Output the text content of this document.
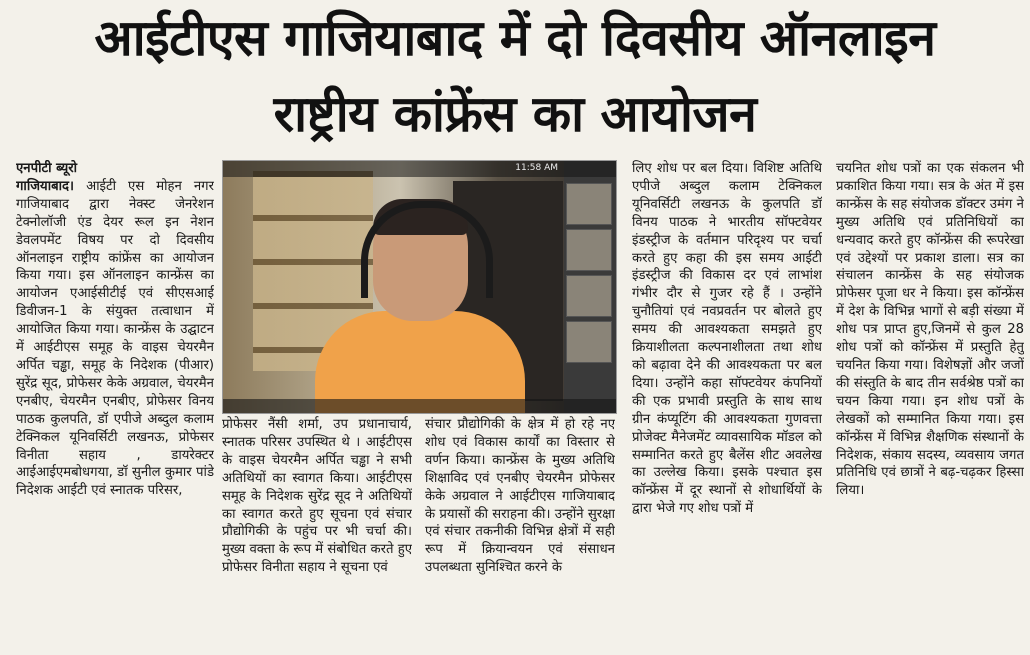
आईटीएस गाजियाबाद में दो दिवसीय ऑनलाइन
राष्ट्रीय कांफ्रेंस का आयोजन

एनपीटी ब्यूरो
गाजियाबाद। आईटी एस मोहन नगर गाजियाबाद द्वारा नेक्स्ट जेनरेशन टेक्नोलॉजी एंड देयर रूल इन नेशन डेवलपमेंट विषय पर दो दिवसीय ऑनलाइन राष्ट्रीय कांफ्रेंस का आयोजन किया गया। इस ऑनलाइन कान्फ्रेंस का आयोजन एआईसीटीई एवं सीएसआई डिवीजन-1 के संयुक्त तत्वाधान में आयोजित किया गया। कान्फ्रेंस के उद्घाटन में आईटीएस समूह के वाइस चेयरमैन अर्पित चड्ढा, समूह के निदेशक (पीआर) सुरेंद्र सूद, प्रोफेसर केके अग्रवाल, चेयरमैन एनबीए, चेयरमैन एनबीए, प्रोफेसर विनय पाठक कुलपति, डॉ एपीजे अब्दुल कलाम टेक्निकल यूनिवर्सिटी लखनऊ, प्रोफेसर विनीता सहाय , डायरेक्टर आईआईएमबोधगया, डॉ सुनील कुमार पांडे निदेशक आईटी एवं स्नातक परिसर,

11:58 AM

प्रोफेसर नैंसी शर्मा, उप प्रधानाचार्य, स्नातक परिसर उपस्थित थे । आईटीएस के वाइस चेयरमैन अर्पित चड्ढा ने सभी अतिथियों का स्वागत किया। आईटीएस समूह के निदेशक सुरेंद्र सूद ने अतिथियों का स्वागत करते हुए सूचना एवं संचार प्रौद्योगिकी के पहुंच पर भी चर्चा की। मुख्य वक्ता के रूप में संबोधित करते हुए प्रोफेसर विनीता सहाय ने सूचना एवं

संचार प्रौद्योगिकी के क्षेत्र में हो रहे नए शोध एवं विकास कार्यों का विस्तार से वर्णन किया। कान्फ्रेंस के मुख्य अतिथि शिक्षाविद एवं एनबीए चेयरमैन प्रोफेसर केके अग्रवाल ने आईटीएस गाजियाबाद के प्रयासों की सराहना की। उन्होंने सुरक्षा एवं संचार तकनीकी विभिन्न क्षेत्रों में सही रूप में क्रियान्वयन एवं संसाधन उपलब्धता सुनिश्चित करने के

लिए शोध पर बल दिया। विशिष्ट अतिथि एपीजे अब्दुल कलाम टेक्निकल यूनिवर्सिटी लखनऊ के कुलपति डॉ विनय पाठक ने भारतीय सॉफ्टवेयर इंडस्ट्रीज के वर्तमान परिदृश्य पर चर्चा करते हुए कहा की इस समय आईटी इंडस्ट्रीज की विकास दर एवं लाभांश गंभीर दौर से गुजर रहे हैं । उन्होंने चुनौतियां एवं नवप्रवर्तन पर बोलते हुए समय की आवश्यकता समझते हुए क्रियाशीलता कल्पनाशीलता तथा शोध को बढ़ावा देने की आवश्यकता पर बल दिया। उन्होंने कहा सॉफ्टवेयर कंपनियों की एक प्रभावी प्रस्तुति के साथ साथ ग्रीन कंप्यूटिंग की आवश्यकता गुणवत्ता प्रोजेक्ट मैनेजमेंट व्यावसायिक मॉडल को सम्मानित करते हुए बैलेंस शीट अवलेख का उल्लेख किया। इसके पश्चात इस कॉन्फ्रेंस में दूर स्थानों से शोधार्थियों के द्वारा भेजे गए शोध पत्रों में

चयनित शोध पत्रों का एक संकलन भी प्रकाशित किया गया। सत्र के अंत में इस कान्फ्रेंस के सह संयोजक डॉक्टर उमंग ने मुख्य अतिथि एवं प्रतिनिधियों का धन्यवाद करते हुए कॉन्फ्रेंस की रूपरेखा एवं उद्देश्यों पर प्रकाश डाला। सत्र का संचालन कान्फ्रेंस के सह संयोजक प्रोफेसर पूजा धर ने किया। इस कॉन्फ्रेंस में देश के विभिन्न भागों से बड़ी संख्या में शोध पत्र प्राप्त हुए,जिनमें से कुल 28 शोध पत्रों को कॉन्फ्रेंस में प्रस्तुति हेतु चयनित किया गया। विशेषज्ञों और जजों की संस्तुति के बाद तीन सर्वश्रेष्ठ पत्रों का चयन किया गया। इन शोध पत्रों के लेखकों को सम्मानित किया गया। इस कॉन्फ्रेंस में विभिन्न शैक्षणिक संस्थानों के निदेशक, संकाय सदस्य, व्यवसाय जगत प्रतिनिधि एवं छात्रों ने बढ़-चढ़कर हिस्सा लिया।
